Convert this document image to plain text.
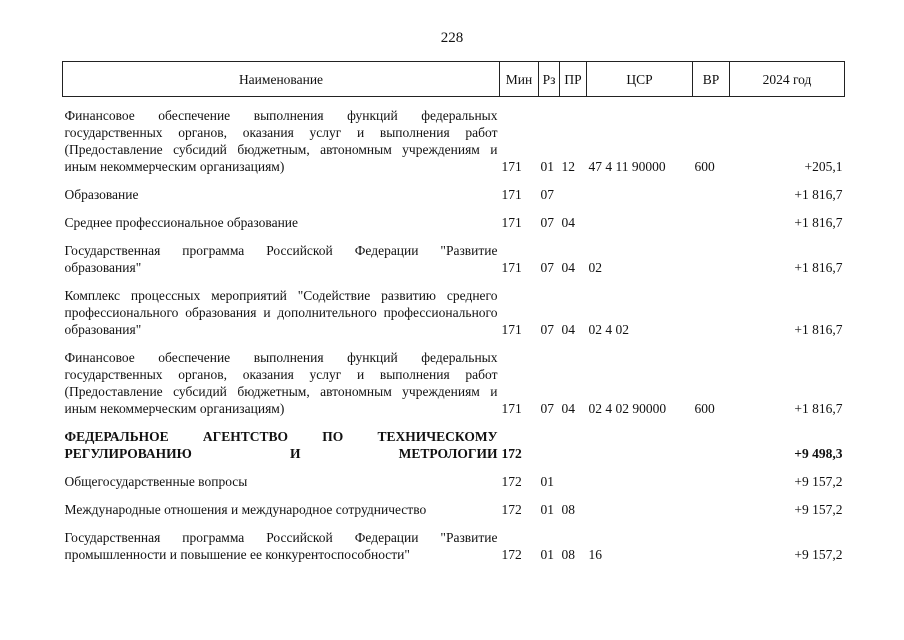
228
Наименование	Мин	Рз	ПР	ЦСР	ВР	2024 год

Финансовое обеспечение выполнения функций федеральных государственных органов, оказания услуг и выполнения работ (Предоставление субсидий бюджетным, автономным учреждениям и иным некоммерческим организациям)	171	01	12	47 4 11 90000	600	+205,1
Образование	171	07				+1 816,7
Среднее профессиональное образование	171	07	04			+1 816,7
Государственная программа Российской Федерации "Развитие образования"	171	07	04	02		+1 816,7
Комплекс процессных мероприятий "Содействие развитию среднего профессионального образования и дополнительного профессионального образования"	171	07	04	02 4 02		+1 816,7
Финансовое обеспечение выполнения функций федеральных государственных органов, оказания услуг и выполнения работ (Предоставление субсидий бюджетным, автономным учреждениям и иным некоммерческим организациям)	171	07	04	02 4 02 90000	600	+1 816,7
ФЕДЕРАЛЬНОЕ АГЕНТСТВО ПО ТЕХНИЧЕСКОМУ РЕГУЛИРОВАНИЮ И МЕТРОЛОГИИ	172					+9 498,3
Общегосударственные вопросы	172	01				+9 157,2
Международные отношения и международное сотрудничество	172	01	08			+9 157,2
Государственная программа Российской Федерации "Развитие промышленности и повышение ее конкурентоспособности"	172	01	08	16		+9 157,2
